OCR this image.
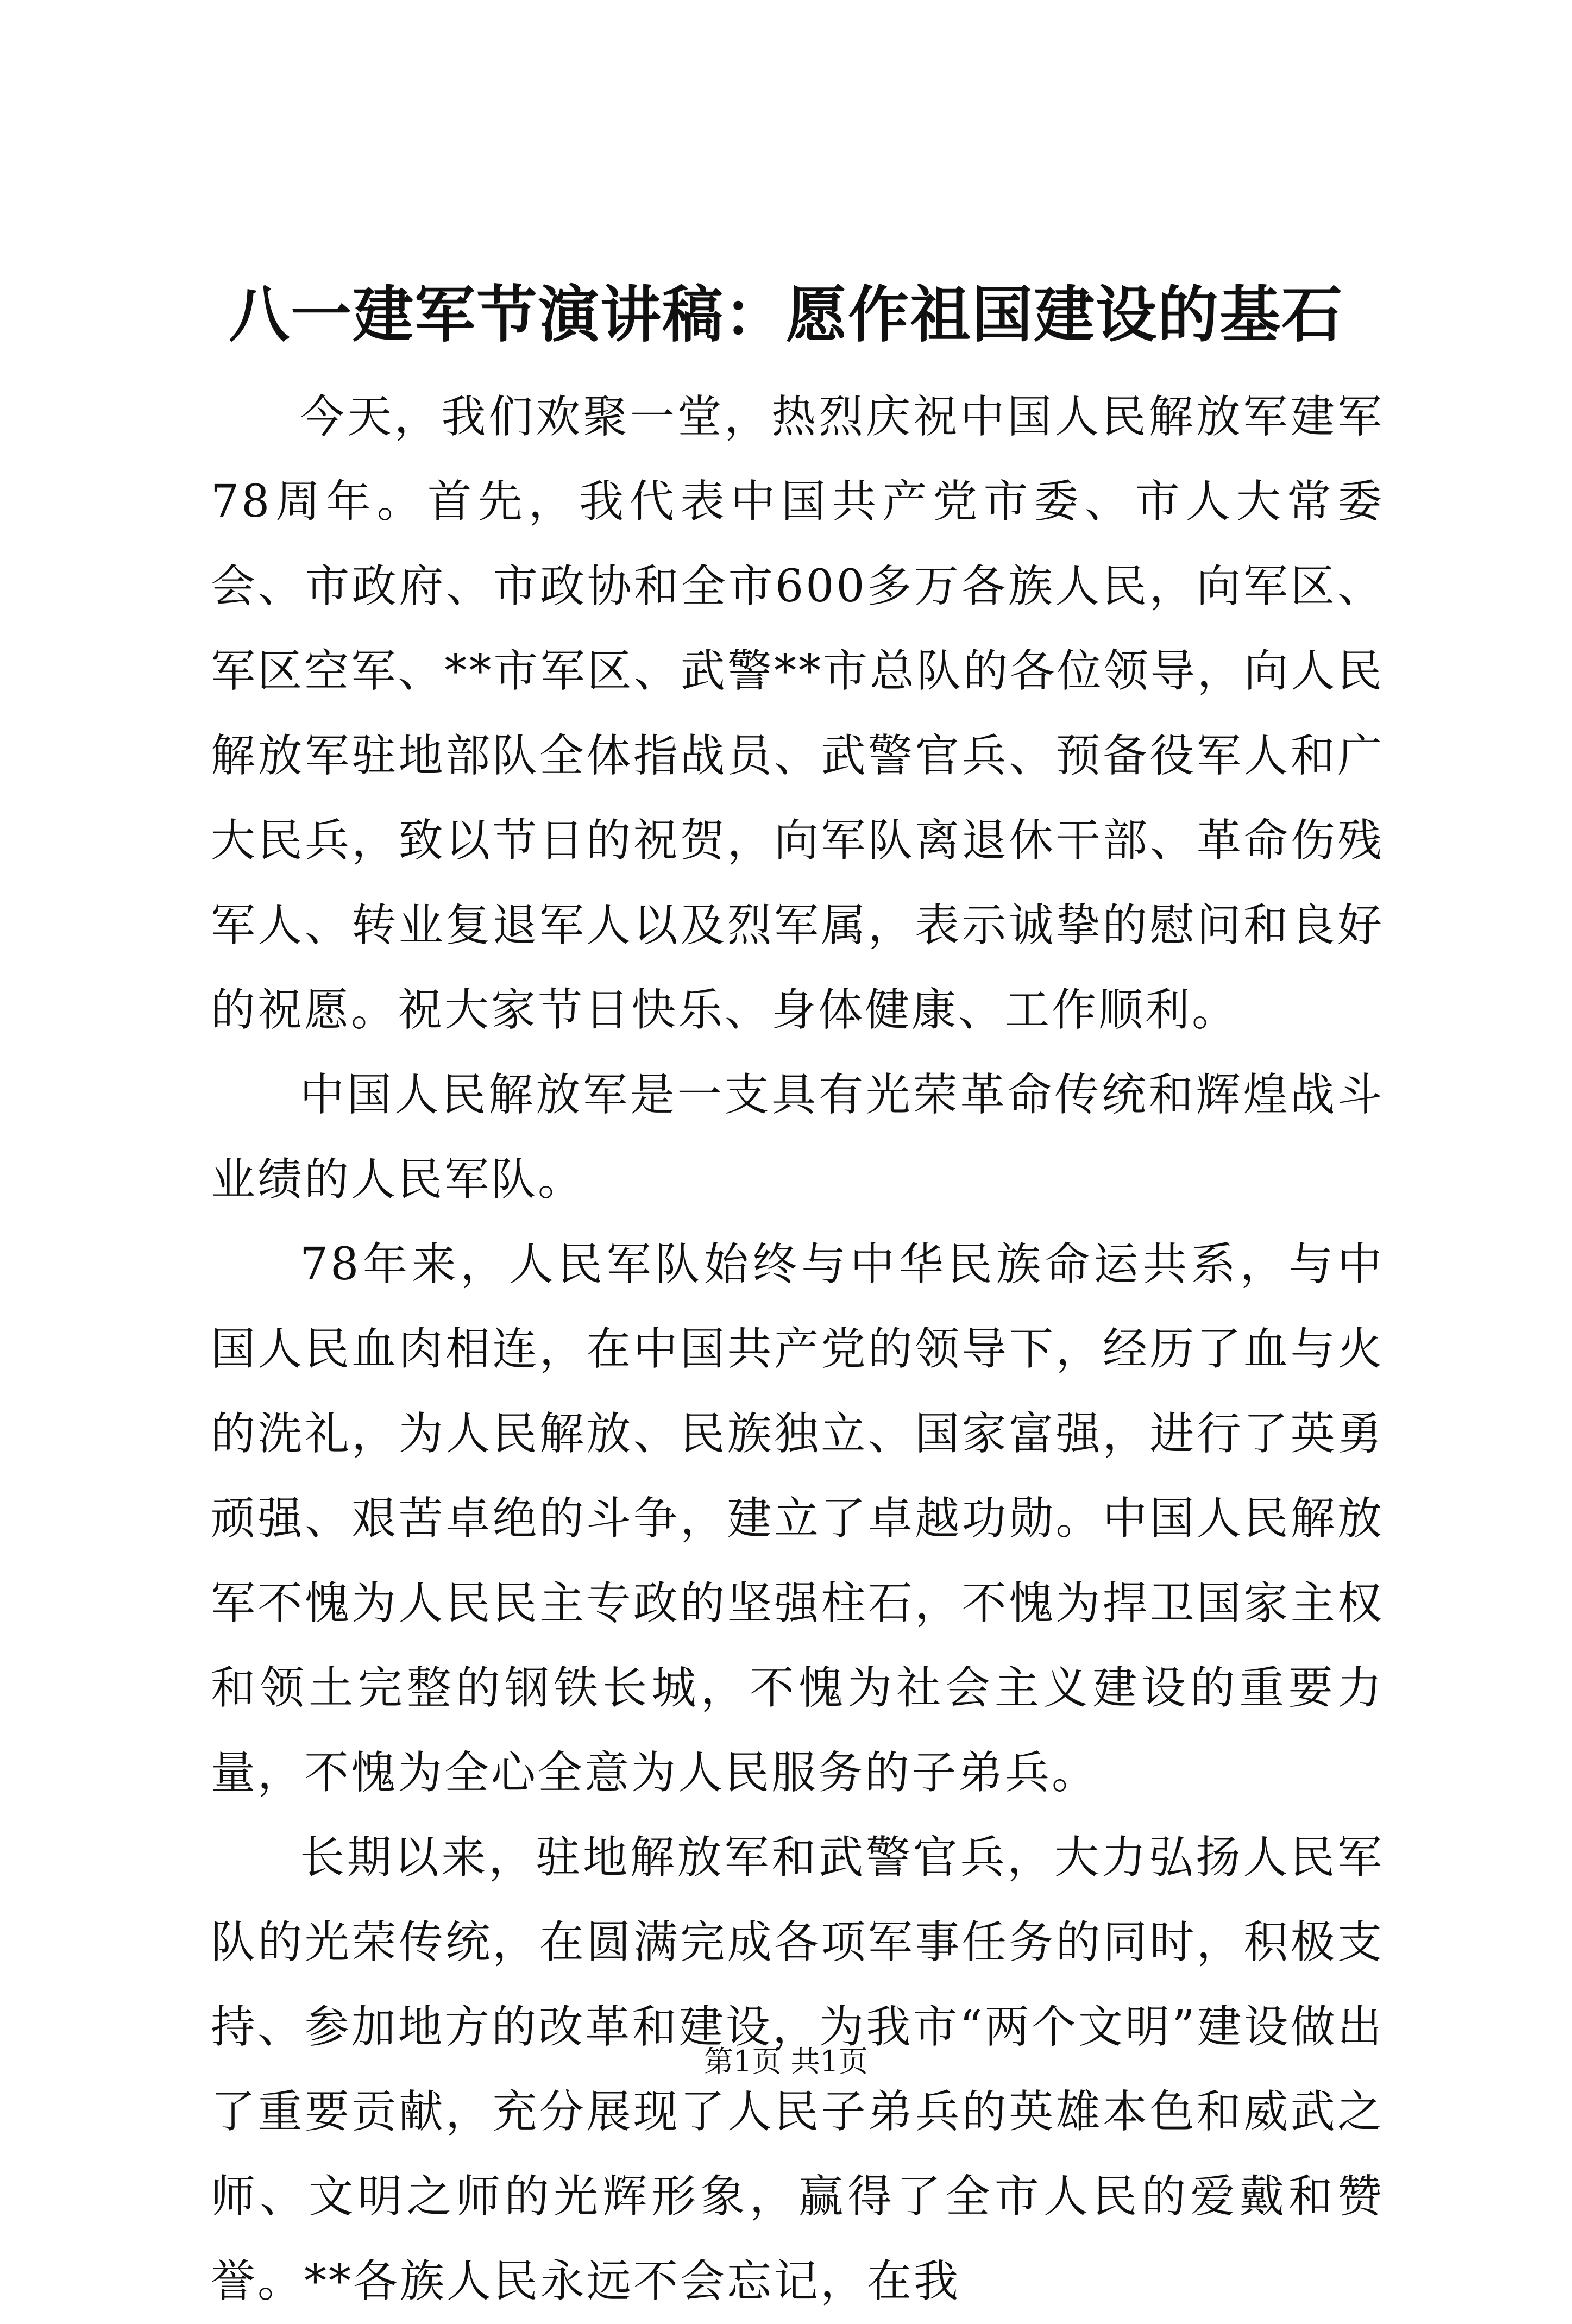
八一建军节演讲稿：愿作祖国建设的基石

今天，我们欢聚一堂，热烈庆祝中国人民解放军建军78周年。首先，我代表中国共产党市委、市人大常委会、市政府、市政协和全市600多万各族人民，向军区、军区空军、**市军区、武警**市总队的各位领导，向人民解放军驻地部队全体指战员、武警官兵、预备役军人和广大民兵，致以节日的祝贺，向军队离退休干部、革命伤残军人、转业复退军人以及烈军属，表示诚挚的慰问和良好的祝愿。祝大家节日快乐、身体健康、工作顺利。

中国人民解放军是一支具有光荣革命传统和辉煌战斗业绩的人民军队。

78年来，人民军队始终与中华民族命运共系，与中国人民血肉相连，在中国共产党的领导下，经历了血与火的洗礼，为人民解放、民族独立、国家富强，进行了英勇顽强、艰苦卓绝的斗争，建立了卓越功勋。中国人民解放军不愧为人民民主专政的坚强柱石，不愧为捍卫国家主权和领土完整的钢铁长城，不愧为社会主义建设的重要力量，不愧为全心全意为人民服务的子弟兵。

长期以来，驻地解放军和武警官兵，大力弘扬人民军队的光荣传统，在圆满完成各项军事任务的同时，积极支持、参加地方的改革和建设，为我市“两个文明”建设做出了重要贡献，充分展现了人民子弟兵的英雄本色和威武之师、文明之师的光辉形象，赢得了全市人民的爱戴和赞誉。**各族人民永远不会忘记，在我

第1页 共1页
